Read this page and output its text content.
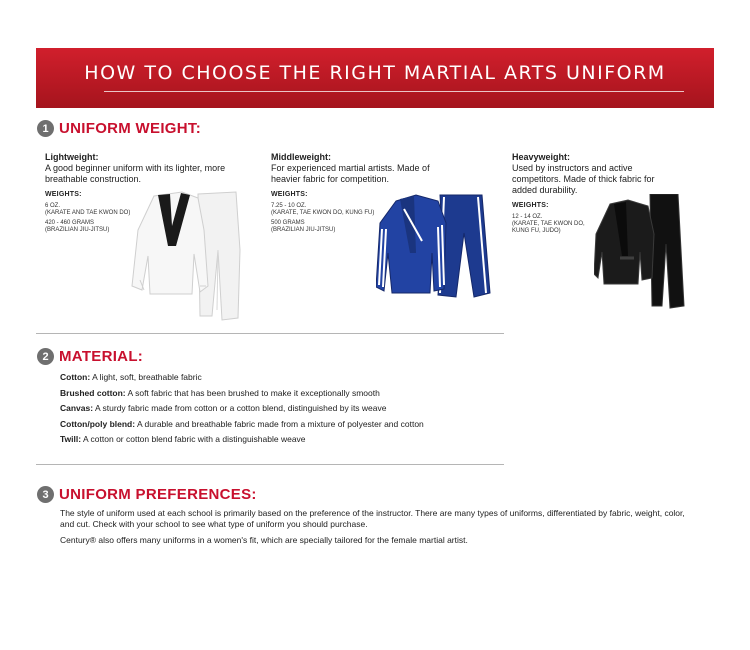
HOW TO CHOOSE THE RIGHT MARTIAL ARTS UNIFORM
1 UNIFORM WEIGHT:
Lightweight:
A good beginner uniform with its lighter, more breathable construction.
WEIGHTS:
6 OZ.
(KARATE AND TAE KWON DO)
420 - 460 GRAMS
(BRAZILIAN JIU-JITSU)
Middleweight:
For experienced martial artists. Made of heavier fabric for competition.
WEIGHTS:
7.25 - 10 OZ.
(KARATE, TAE KWON DO, KUNG FU)
500 GRAMS
(BRAZILIAN JIU-JITSU)
Heavyweight:
Used by instructors and active competitors. Made of thick fabric for added durability.
WEIGHTS:
12 - 14 OZ.
(KARATE, TAE KWON DO,
KUNG FU, JUDO)
2 MATERIAL:
Cotton: A light, soft, breathable fabric
Brushed cotton: A soft fabric that has been brushed to make it exceptionally smooth
Canvas: A sturdy fabric made from cotton or a cotton blend, distinguished by its weave
Cotton/poly blend: A durable and breathable fabric made from a mixture of polyester and cotton
Twill: A cotton or cotton blend fabric with a distinguishable weave
3 UNIFORM PREFERENCES:

The style of uniform used at each school is primarily based on the preference of the instructor. There are many types of uniforms, differentiated by fabric, weight, color, and cut. Check with your school to see what type of uniform you should purchase.

Century® also offers many uniforms in a women's fit, which are specially tailored for the female martial artist.
